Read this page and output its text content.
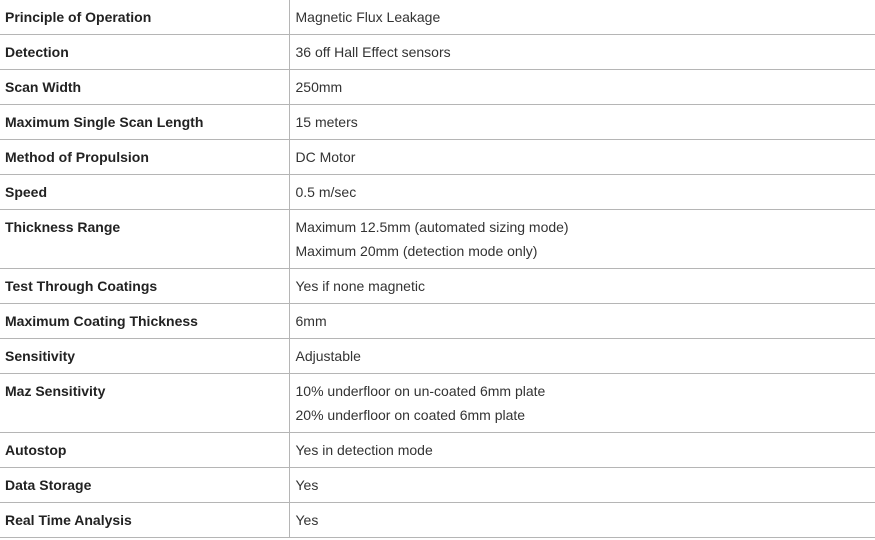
Principle of Operation	Magnetic Flux Leakage

Detection	36 off Hall Effect sensors

Scan Width	250mm

Maximum Single Scan Length	15 meters

Method of Propulsion	DC Motor

Speed	0.5 m/sec

Thickness Range	Maximum 12.5mm (automated sizing mode)
Maximum 20mm (detection mode only)

Test Through Coatings	Yes if none magnetic

Maximum Coating Thickness	6mm

Sensitivity	Adjustable

Maz Sensitivity	10% underfloor on un-coated 6mm plate
20% underfloor on coated 6mm plate

Autostop	Yes in detection mode

Data Storage	Yes

Real Time Analysis	Yes
